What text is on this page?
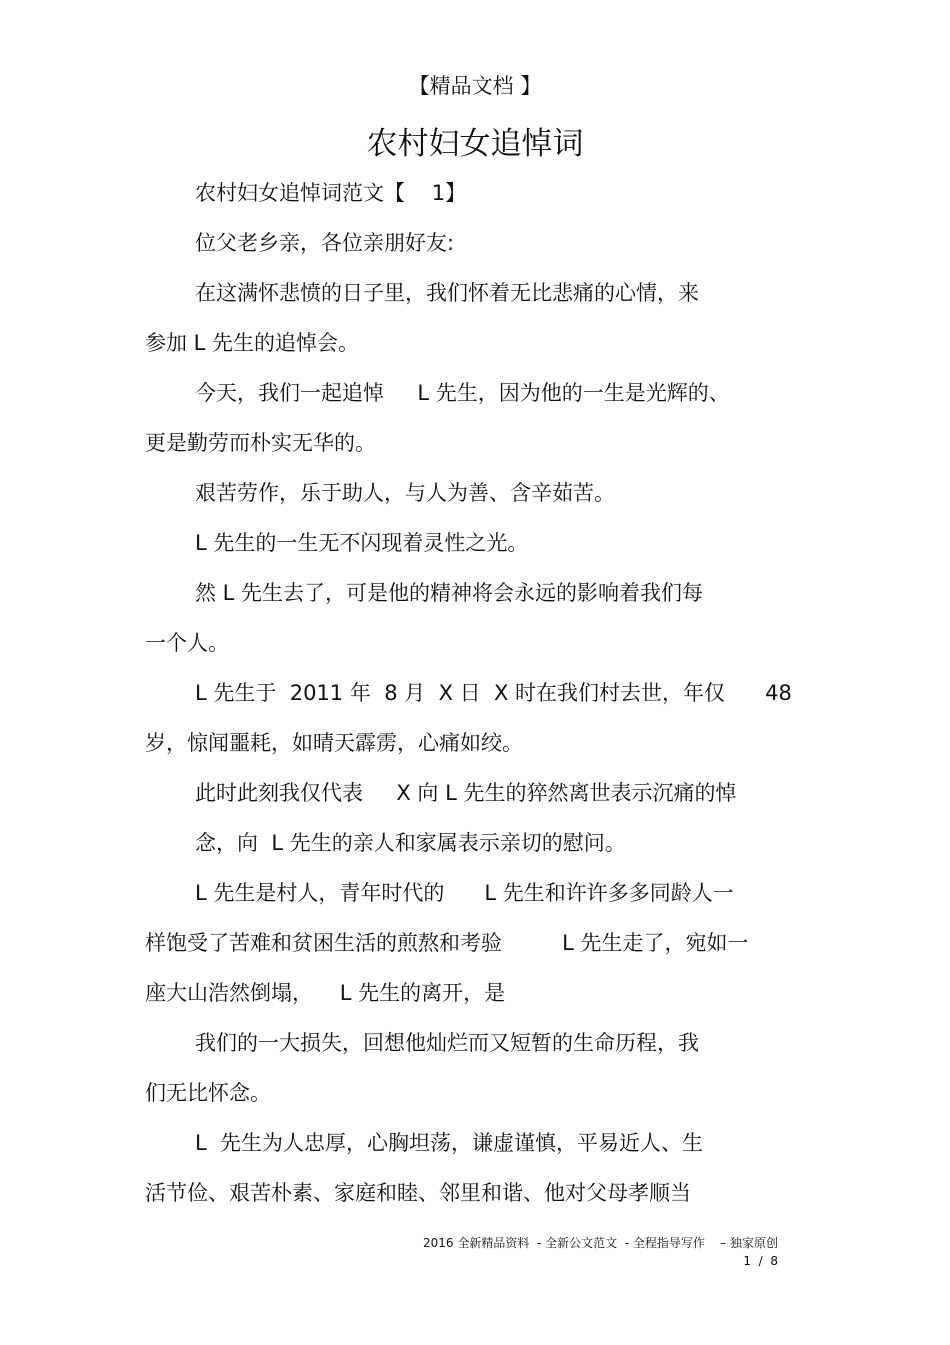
【精品文档 】
农村妇女追悼词
农村妇女追悼词范文【    1】
位父老乡亲，各位亲朋好友:
在这满怀悲愤的日子里，我们怀着无比悲痛的心情，来
参加 L 先生的追悼会。
今天，我们一起追悼     L 先生，因为他的一生是光辉的、
更是勤劳而朴实无华的。
艰苦劳作，乐于助人，与人为善、含辛茹苦。
L 先生的一生无不闪现着灵性之光。
然 L 先生去了，可是他的精神将会永远的影响着我们每
一个人。
L 先生于  2011 年  8 月  X 日  X 时在我们村去世，年仅      48
岁，惊闻噩耗，如晴天霹雳，心痛如绞。
此时此刻我仅代表     X 向 L 先生的猝然离世表示沉痛的悼
念，向  L 先生的亲人和家属表示亲切的慰问。
L 先生是村人，青年时代的      L 先生和许许多多同龄人一
样饱受了苦难和贫困生活的煎熬和考验         L 先生走了，宛如一
座大山浩然倒塌，    L 先生的离开，是
我们的一大损失，回想他灿烂而又短暂的生命历程，我
们无比怀念。
L  先生为人忠厚，心胸坦荡，谦虚谨慎，平易近人、生
活节俭、艰苦朴素、家庭和睦、邻里和谐、他对父母孝顺当
2016 全新精品资料  - 全新公文范文  - 全程指导写作    – 独家原创
1  /  8
